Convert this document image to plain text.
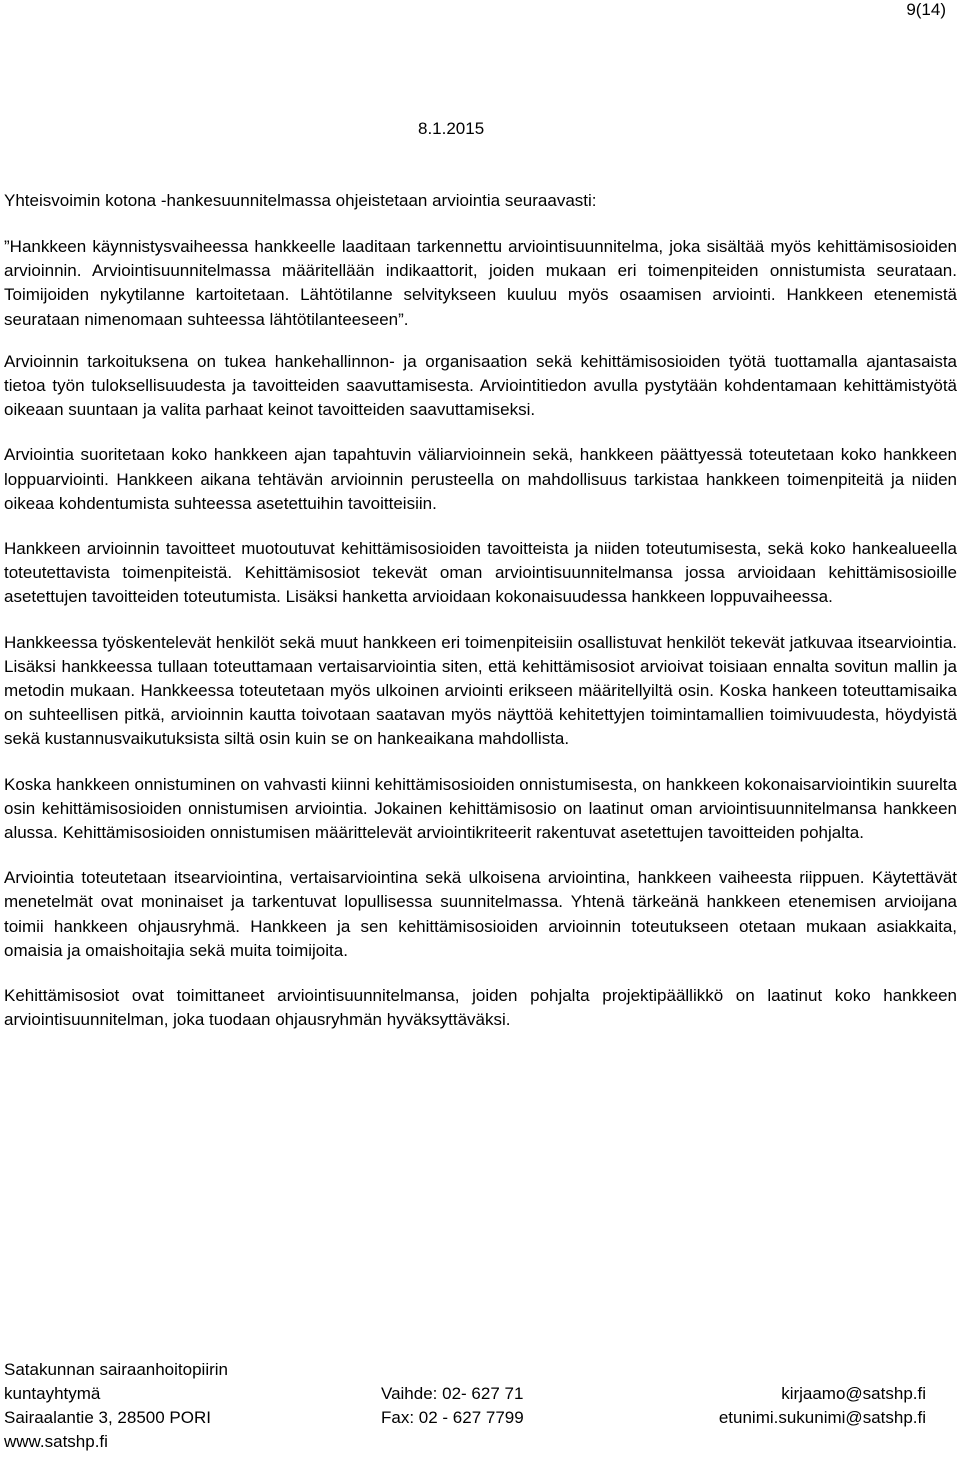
9(14)
8.1.2015
Yhteisvoimin kotona -hankesuunnitelmassa ohjeistetaan arviointia seuraavasti:

”Hankkeen käynnistysvaiheessa hankkeelle laaditaan tarkennettu arviointisuunnitelma, joka sisältää myös kehittämisosioiden arvioinnin. Arviointisuunnitelmassa määritellään indikaattorit, joiden mukaan eri toimenpiteiden onnistumista seurataan. Toimijoiden nykytilanne kartoitetaan. Lähtötilanne selvitykseen kuuluu myös osaamisen arviointi. Hankkeen etenemistä seurataan nimenomaan suhteessa lähtötilanteeseen”.

Arvioinnin tarkoituksena on tukea hankehallinnon- ja organisaation sekä kehittämisosioiden työtä tuottamalla ajantasaista tietoa työn tuloksellisuudesta ja tavoitteiden saavuttamisesta. Arviointitiedon avulla pystytään kohdentamaan kehittämistyötä oikeaan suuntaan ja valita parhaat keinot tavoitteiden saavuttamiseksi.

Arviointia suoritetaan koko hankkeen ajan tapahtuvin väliarvioinnein sekä, hankkeen päättyessä toteutetaan koko hankkeen loppuarviointi. Hankkeen aikana tehtävän arvioinnin perusteella on mahdollisuus tarkistaa hankkeen toimenpiteitä ja niiden oikeaa kohdentumista suhteessa asetettuihin tavoitteisiin.

Hankkeen arvioinnin tavoitteet muotoutuvat kehittämisosioiden tavoitteista ja niiden toteutumisesta, sekä koko hankealueella toteutettavista toimenpiteistä. Kehittämisosiot tekevät oman arviointisuunnitelmansa jossa arvioidaan kehittämisosioille asetettujen tavoitteiden toteutumista. Lisäksi hanketta arvioidaan kokonaisuudessa hankkeen loppuvaiheessa.

Hankkeessa työskentelevät henkilöt sekä muut hankkeen eri toimenpiteisiin osallistuvat henkilöt tekevät jatkuvaa itsearviointia. Lisäksi hankkeessa tullaan toteuttamaan vertaisarviointia siten, että kehittämisosiot arvioivat toisiaan ennalta sovitun mallin ja metodin mukaan. Hankkeessa toteutetaan myös ulkoinen arviointi erikseen määritellyiltä osin. Koska hankeen toteuttamisaika on suhteellisen pitkä, arvioinnin kautta toivotaan saatavan myös näyttöä kehitettyjen toimintamallien toimivuudesta, höydyistä sekä kustannusvaikutuksista siltä osin kuin se on hankeaikana mahdollista.

Koska hankkeen onnistuminen on vahvasti kiinni kehittämisosioiden onnistumisesta, on hankkeen kokonaisarviointikin suurelta osin kehittämisosioiden onnistumisen arviointia. Jokainen kehittämisosio on laatinut oman arviointisuunnitelmansa hankkeen alussa. Kehittämisosioiden onnistumisen määrittelevät arviointikriteerit rakentuvat asetettujen tavoitteiden pohjalta.

Arviointia toteutetaan itsearviointina, vertaisarviointina sekä ulkoisena arviointina, hankkeen vaiheesta riippuen. Käytettävät menetelmät ovat moninaiset ja tarkentuvat lopullisessa suunnitelmassa. Yhtenä tärkeänä hankkeen etenemisen arvioijana toimii hankkeen ohjausryhmä. Hankkeen ja sen kehittämisosioiden arvioinnin toteutukseen otetaan mukaan asiakkaita, omaisia ja omaishoitajia sekä muita toimijoita.

Kehittämisosiot ovat toimittaneet arviointisuunnitelmansa, joiden pohjalta projektipäällikkö on laatinut koko hankkeen arviointisuunnitelman, joka tuodaan ohjausryhmän hyväksyttäväksi.

Satakunnan sairaanhoitopiirin
kuntayhtymä
Sairaalantie 3, 28500 PORI
www.satshp.fi
Vaihde: 02- 627 71
Fax: 02 - 627 7799
kirjaamo@satshp.fi
etunimi.sukunimi@satshp.fi
